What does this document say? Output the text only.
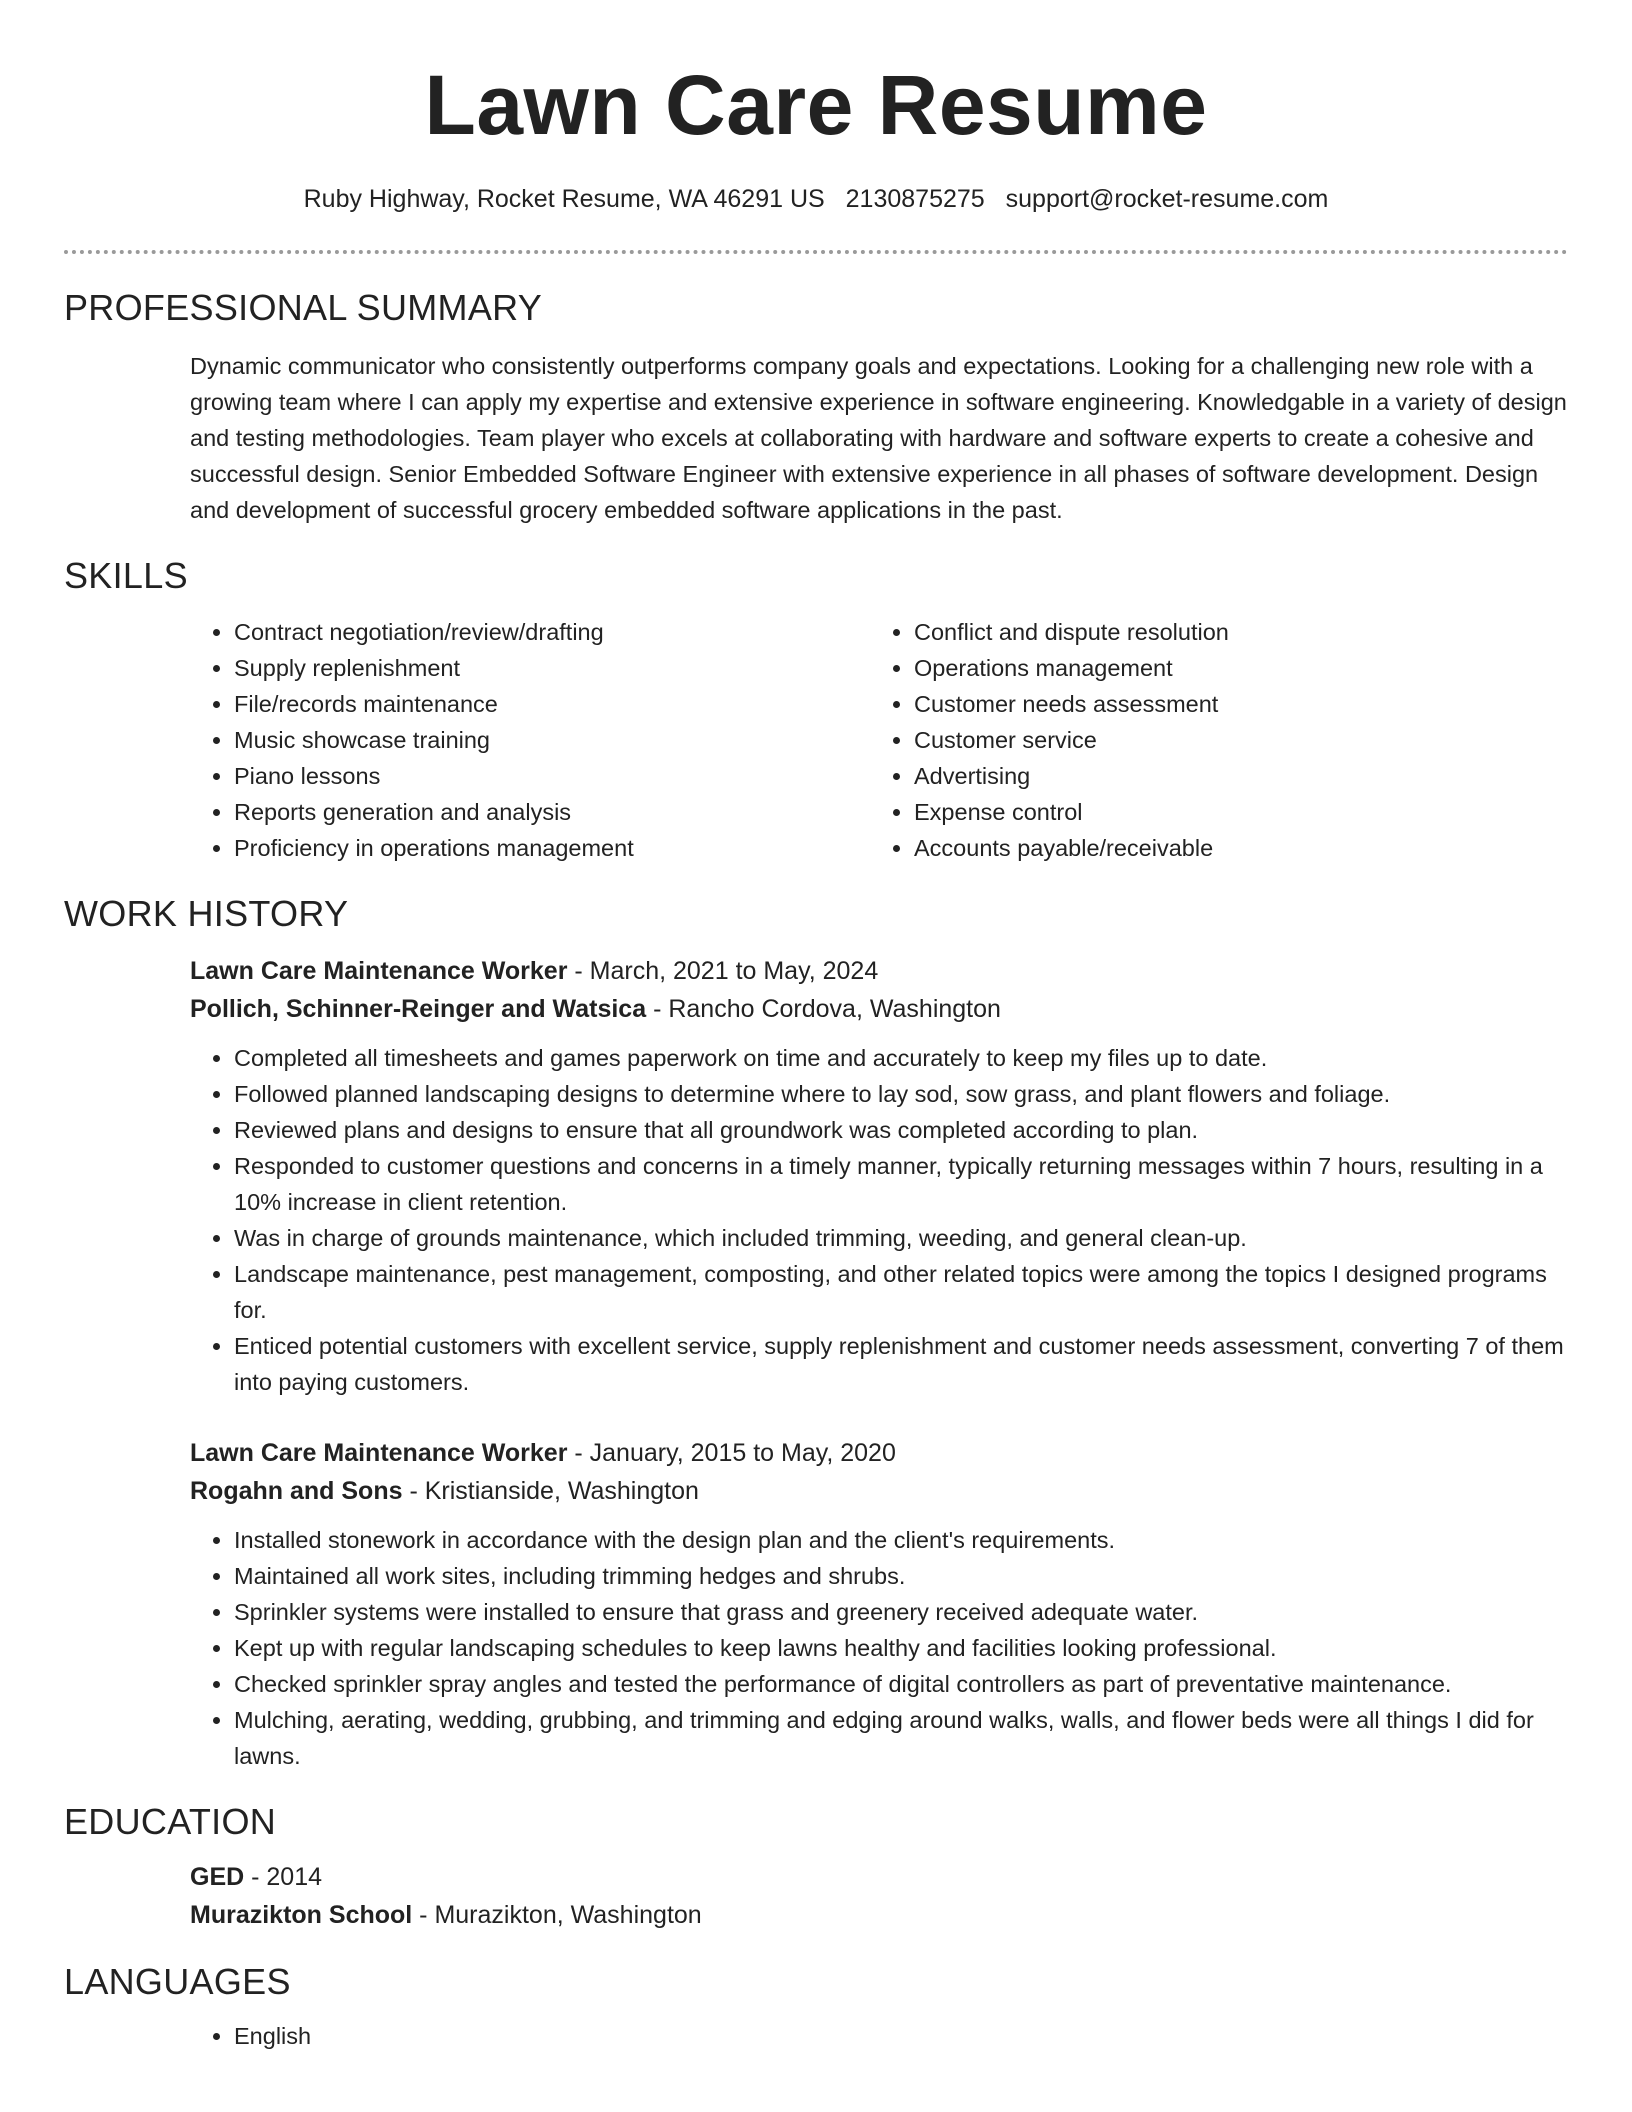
Lawn Care Resume
Ruby Highway, Rocket Resume, WA 46291 US 2130875275 support@rocket-resume.com
PROFESSIONAL SUMMARY

Dynamic communicator who consistently outperforms company goals and expectations. Looking for a challenging new role with a growing team where I can apply my expertise and extensive experience in software engineering. Knowledgable in a variety of design and testing methodologies. Team player who excels at collaborating with hardware and software experts to create a cohesive and successful design. Senior Embedded Software Engineer with extensive experience in all phases of software development. Design and development of successful grocery embedded software applications in the past.

SKILLS
• Contract negotiation/review/drafting
• Supply replenishment
• File/records maintenance
• Music showcase training
• Piano lessons
• Reports generation and analysis
• Proficiency in operations management
• Conflict and dispute resolution
• Operations management
• Customer needs assessment
• Customer service
• Advertising
• Expense control
• Accounts payable/receivable
WORK HISTORY
Lawn Care Maintenance Worker - March, 2021 to May, 2024
Pollich, Schinner-Reinger and Watsica - Rancho Cordova, Washington
• Completed all timesheets and games paperwork on time and accurately to keep my files up to date.
• Followed planned landscaping designs to determine where to lay sod, sow grass, and plant flowers and foliage.
• Reviewed plans and designs to ensure that all groundwork was completed according to plan.
• Responded to customer questions and concerns in a timely manner, typically returning messages within 7 hours, resulting in a 10% increase in client retention.
• Was in charge of grounds maintenance, which included trimming, weeding, and general clean-up.
• Landscape maintenance, pest management, composting, and other related topics were among the topics I designed programs for.
• Enticed potential customers with excellent service, supply replenishment and customer needs assessment, converting 7 of them into paying customers.
Lawn Care Maintenance Worker - January, 2015 to May, 2020
Rogahn and Sons - Kristianside, Washington
• Installed stonework in accordance with the design plan and the client's requirements.
• Maintained all work sites, including trimming hedges and shrubs.
• Sprinkler systems were installed to ensure that grass and greenery received adequate water.
• Kept up with regular landscaping schedules to keep lawns healthy and facilities looking professional.
• Checked sprinkler spray angles and tested the performance of digital controllers as part of preventative maintenance.
• Mulching, aerating, wedding, grubbing, and trimming and edging around walks, walls, and flower beds were all things I did for lawns.
EDUCATION
GED - 2014
Murazikton School - Murazikton, Washington
LANGUAGES
• English
